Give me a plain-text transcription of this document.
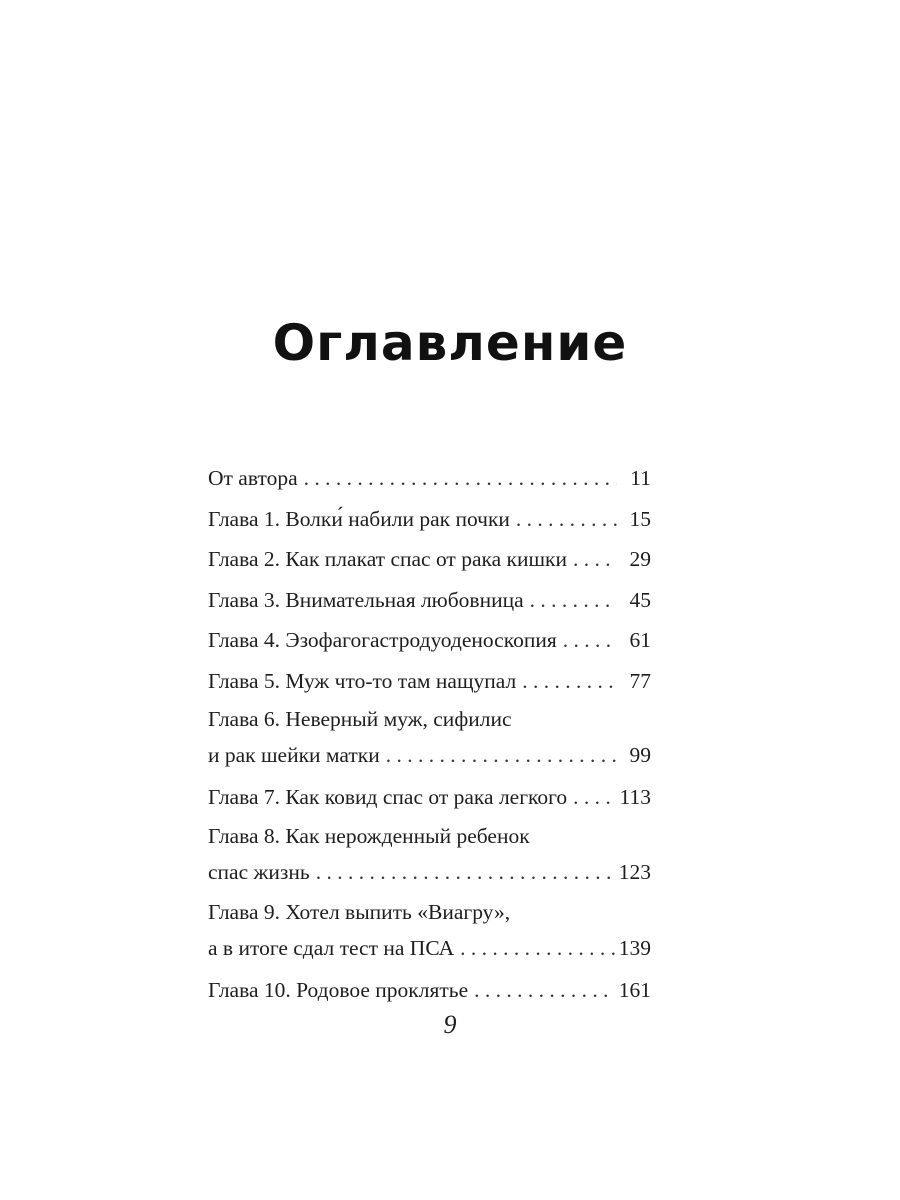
Оглавление
От автора . . .	11
Глава 1. Волки́ набили рак почки . . .	15
Глава 2. Как плакат спас от рака кишки . . .	29
Глава 3. Внимательная любовница . . .	45
Глава 4. Эзофагогастродуоденоскопия . . .	61
Глава 5. Муж что-то там нащупал . . .	77
Глава 6. Неверный муж, сифилис
и рак шейки матки . . .	99
Глава 7. Как ковид спас от рака легкого . . . 113
Глава 8. Как нерожденный ребенок
спас жизнь . . .	123
Глава 9. Хотел выпить «Виагру»,
а в итоге сдал тест на ПСА . . .	139
Глава 10. Родовое проклятье . . .	161
9
